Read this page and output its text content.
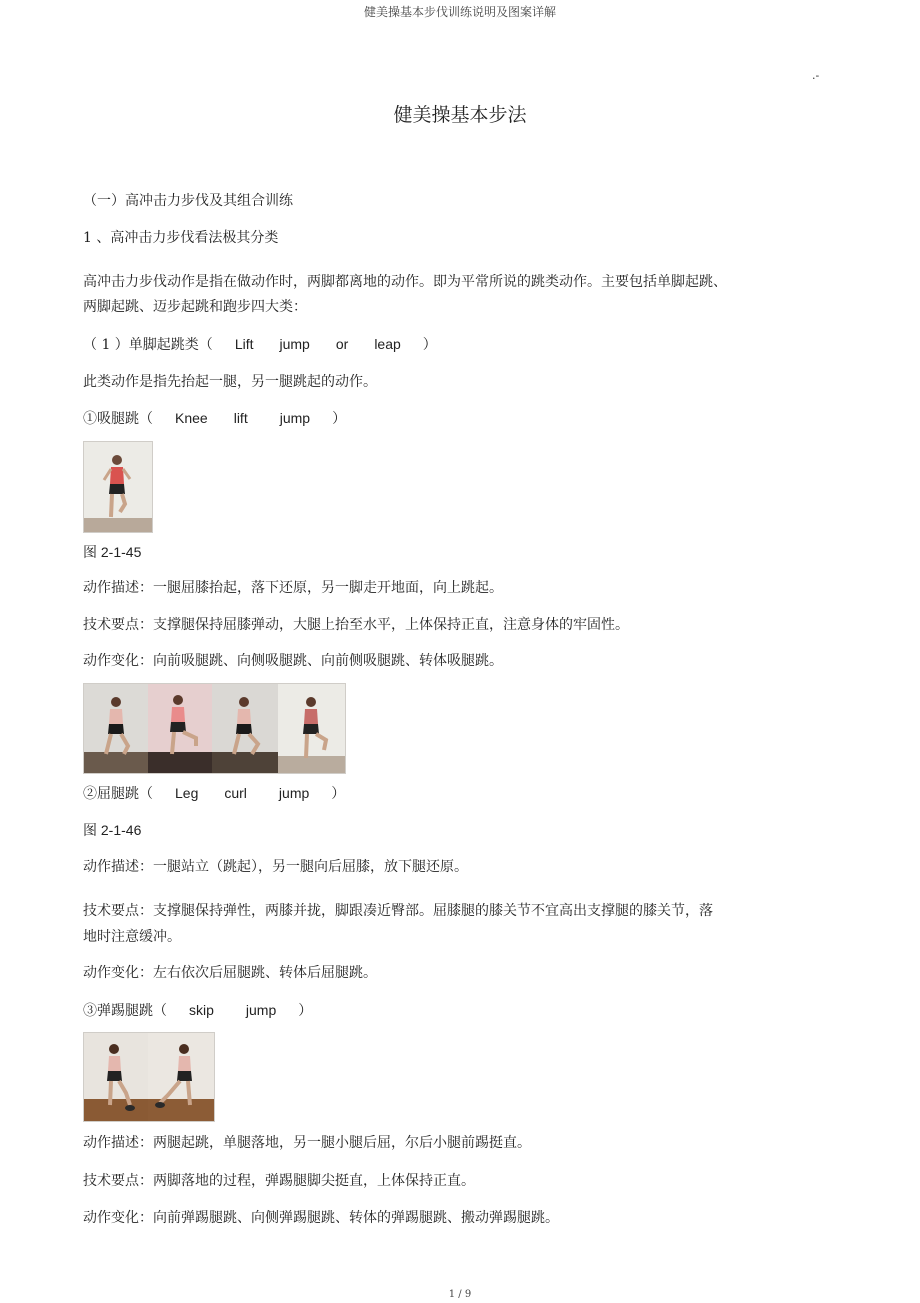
健美操基本步伐训练说明及图案详解
.-
健美操基本步法
（一）高冲击力步伐及其组合训练
1 、高冲击力步伐看法极其分类
高冲击力步伐动作是指在做动作时，两脚都离地的动作。即为平常所说的跳类动作。主要包括单脚起跳、
两脚起跳、迈步起跳和跑步四大类：
（ 1 ）单脚起跳类（ Lift jump or leap ）
此类动作是指先抬起一腿，另一腿跳起的动作。
①吸腿跳（ Knee lift jump ）
图 2-1-45
动作描述：一腿屈膝抬起，落下还原，另一脚走开地面，向上跳起。
技术要点：支撑腿保持屈膝弹动，大腿上抬至水平，上体保持正直，注意身体的牢固性。
动作变化：向前吸腿跳、向侧吸腿跳、向前侧吸腿跳、转体吸腿跳。
②屈腿跳（ Leg curl jump ）
图 2-1-46
动作描述：一腿站立（跳起），另一腿向后屈膝，放下腿还原。
技术要点：支撑腿保持弹性，两膝并拢，脚跟凑近臀部。屈膝腿的膝关节不宜高出支撑腿的膝关节，落
地时注意缓冲。
动作变化：左右依次后屈腿跳、转体后屈腿跳。
③弹踢腿跳（ skip jump ）
动作描述：两腿起跳，单腿落地，另一腿小腿后屈，尔后小腿前踢挺直。
技术要点：两脚落地的过程，弹踢腿脚尖挺直，上体保持正直。
动作变化：向前弹踢腿跳、向侧弹踢腿跳、转体的弹踢腿跳、搬动弹踢腿跳。
1 / 9
